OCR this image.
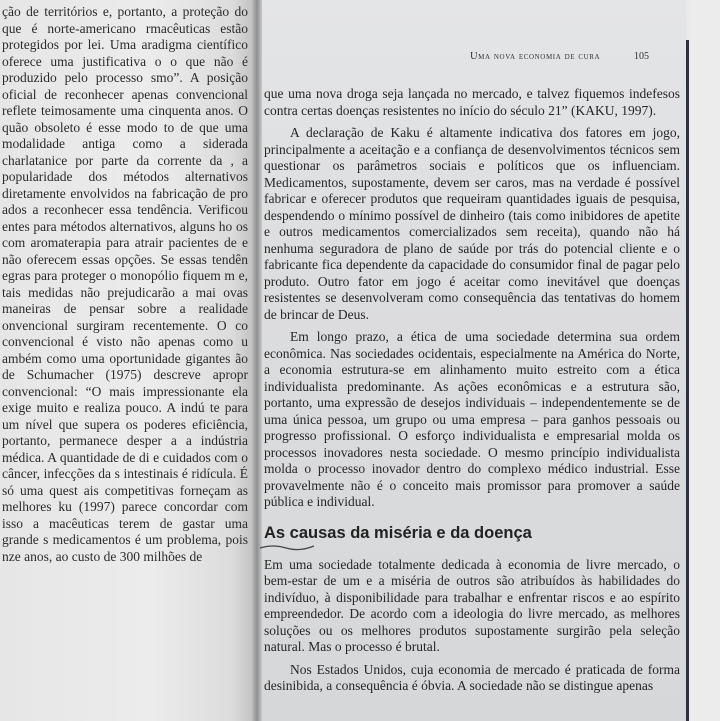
ção de territórios e, portanto, a proteção do que é norte-americano rmacêuticas estão protegidos por lei. Uma aradigma científico oferece uma justificativa o o que não é produzido pelo processo smo”. A posição oficial de reconhecer apenas convencional reflete teimosamente uma cinquenta anos. O quão obsoleto é esse modo to de que uma modalidade antiga como a siderada charlatanice por parte da corrente da , a popularidade dos métodos alternativos diretamente envolvidos na fabricação de pro ados a reconhecer essa tendência. Verificou entes para métodos alternativos, alguns ho os com aromaterapia para atrair pacientes de e não oferecem essas opções. Se essas tendên egras para proteger o monopólio fiquem m e, tais medidas não prejudicarão a mai ovas maneiras de pensar sobre a realidade onvencional surgiram recentemente. O co convencional é visto não apenas como u ambém como uma oportunidade gigantes ão de Schumacher (1975) descreve apropr convencional: “O mais impressionante ela exige muito e realiza pouco. A indú te para um nível que supera os poderes eficiência, portanto, permanece desper a a indústria médica. A quantidade de di e cuidados com o câncer, infecções da s intestinais é ridícula. É só uma quest ais competitivas forneçam as melhores ku (1997) parece concordar com isso a macêuticas terem de gastar uma grande s medicamentos é um problema, pois nze anos, ao custo de 300 milhões de
Uma nova economia de cura	105
que uma nova droga seja lançada no mercado, e talvez fiquemos indefesos contra certas doenças resistentes no início do século 21” (KAKU, 1997).
A declaração de Kaku é altamente indicativa dos fatores em jogo, principalmente a aceitação e a confiança de desenvolvimentos técnicos sem questionar os parâmetros sociais e políticos que os influenciam. Medicamentos, supostamente, devem ser caros, mas na verdade é possível fabricar e oferecer produtos que requeiram quantidades iguais de pesquisa, despendendo o mínimo possível de dinheiro (tais como inibidores de apetite e outros medicamentos comercializados sem receita), quando não há nenhuma seguradora de plano de saúde por trás do potencial cliente e o fabricante fica dependente da capacidade do consumidor final de pagar pelo produto. Outro fator em jogo é aceitar como inevitável que doenças resistentes se desenvolveram como consequência das tentativas do homem de brincar de Deus.
Em longo prazo, a ética de uma sociedade determina sua ordem econômica. Nas sociedades ocidentais, especialmente na América do Norte, a economia estrutura-se em alinhamento muito estreito com a ética individualista predominante. As ações econômicas e a estrutura são, portanto, uma expressão de desejos individuais – independentemente se de uma única pessoa, um grupo ou uma empresa – para ganhos pessoais ou progresso profissional. O esforço individualista e empresarial molda os processos inovadores nesta sociedade. O mesmo princípio individualista molda o processo inovador dentro do complexo médico industrial. Esse provavelmente não é o conceito mais promissor para promover a saúde pública e individual.
As causas da miséria e da doença
Em uma sociedade totalmente dedicada à economia de livre mercado, o bem-estar de um e a miséria de outros são atribuídos às habilidades do indivíduo, à disponibilidade para trabalhar e enfrentar riscos e ao espírito empreendedor. De acordo com a ideologia do livre mercado, as melhores soluções ou os melhores produtos supostamente surgirão pela seleção natural. Mas o processo é brutal.
Nos Estados Unidos, cuja economia de mercado é praticada de forma desinibida, a consequência é óbvia. A sociedade não se distingue apenas
